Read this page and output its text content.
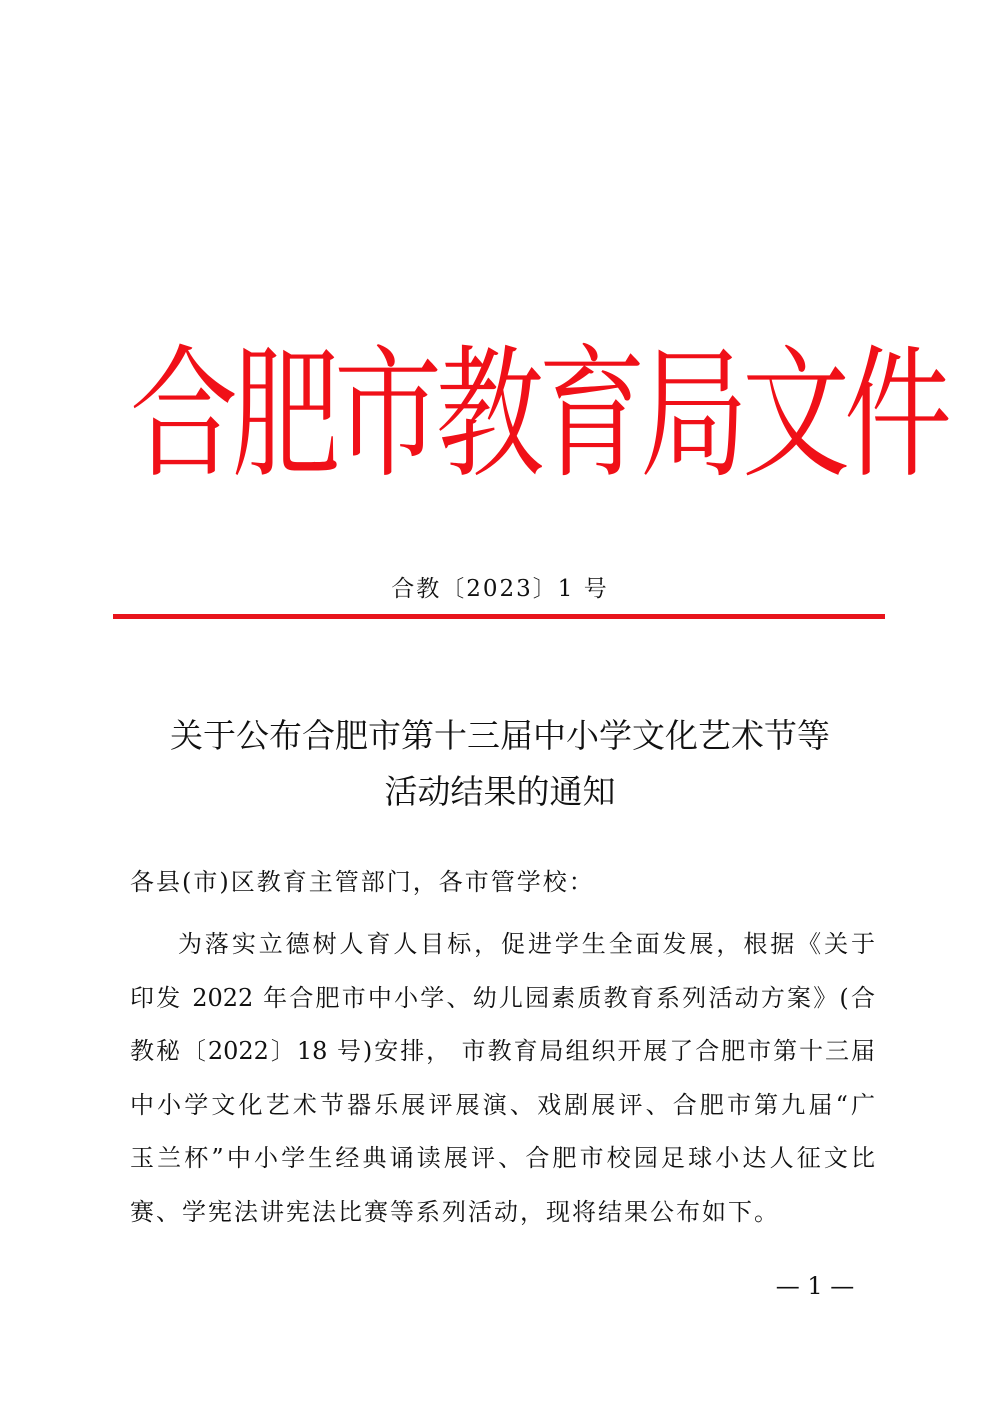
合肥市教育局文件
合教〔2023〕1 号
关于公布合肥市第十三届中小学文化艺术节等
活动结果的通知
各县(市)区教育主管部门，各市管学校：
为落实立德树人育人目标，促进学生全面发展，根据《关于
印发 2022 年合肥市中小学、幼儿园素质教育系列活动方案》(合
教秘〔2022〕18 号)安排， 市教育局组织开展了合肥市第十三届
中小学文化艺术节器乐展评展演、戏剧展评、合肥市第九届“广
玉兰杯”中小学生经典诵读展评、合肥市校园足球小达人征文比
赛、学宪法讲宪法比赛等系列活动，现将结果公布如下。
— 1 —
